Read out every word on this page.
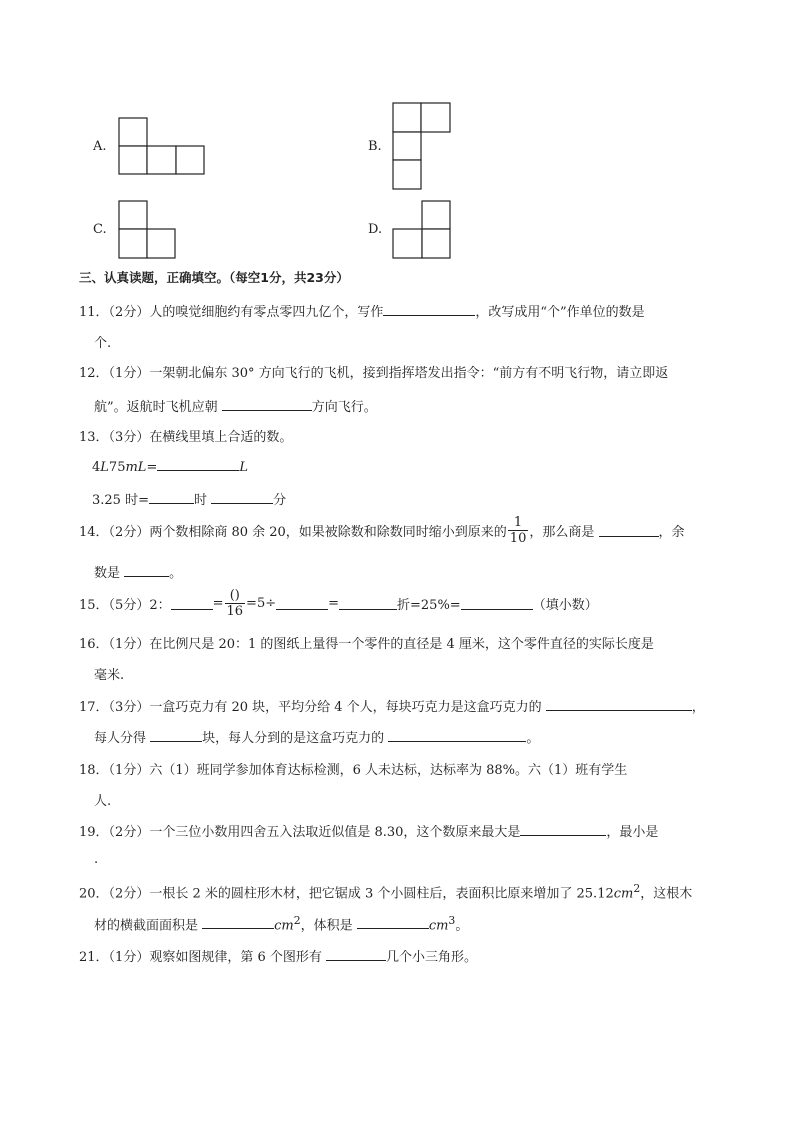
A.	B.
C.	D.
三、认真读题，正确填空。（每空1分，共23分）
11．（2分）人的嗅觉细胞约有零点零四九亿个，写作	，改写成用“个”作单位的数是
个.
12．（1分）一架朝北偏东 30° 方向飞行的飞机，接到指挥塔发出指令：“前方有不明飞行物，请立即返
航”。返航时飞机应朝	方向飞行。
13．（3分）在横线里填上合适的数。
4L75mL=	L
3.25 时=	时	分
14．（2分）两个数相除商 80 余 20，如果被除数和除数同时缩小到原来的 $\frac{1}{10}$ ，那么商是	，余
数是	。
15．（5分）2：	= $\frac{()}{16} =5\div$	=	折=25%=	（填小数）
16．（1分）在比例尺是 20：1 的图纸上量得一个零件的直径是 4 厘米，这个零件直径的实际长度是
毫米.
17．（3分）一盒巧克力有 20 块，平均分给 4 个人，每块巧克力是这盒巧克力的	，
每人分得	块，每人分到的是这盒巧克力的	。
18．（1分）六（1）班同学参加体育达标检测，6 人未达标，达标率为 88%。六（1）班有学生
人.
19．（2分）一个三位小数用四舍五入法取近似值是 8.30，这个数原来最大是	，最小是
.
20．（2分）一根长 2 米的圆柱形木材，把它锯成 3 个小圆柱后，表面积比原来增加了 $25.12cm^2$，这根木
材的横截面面积是	$cm^2$，体积是	$cm^3$。
21．（1分）观察如图规律，第 6 个图形有	几个小三角形。
